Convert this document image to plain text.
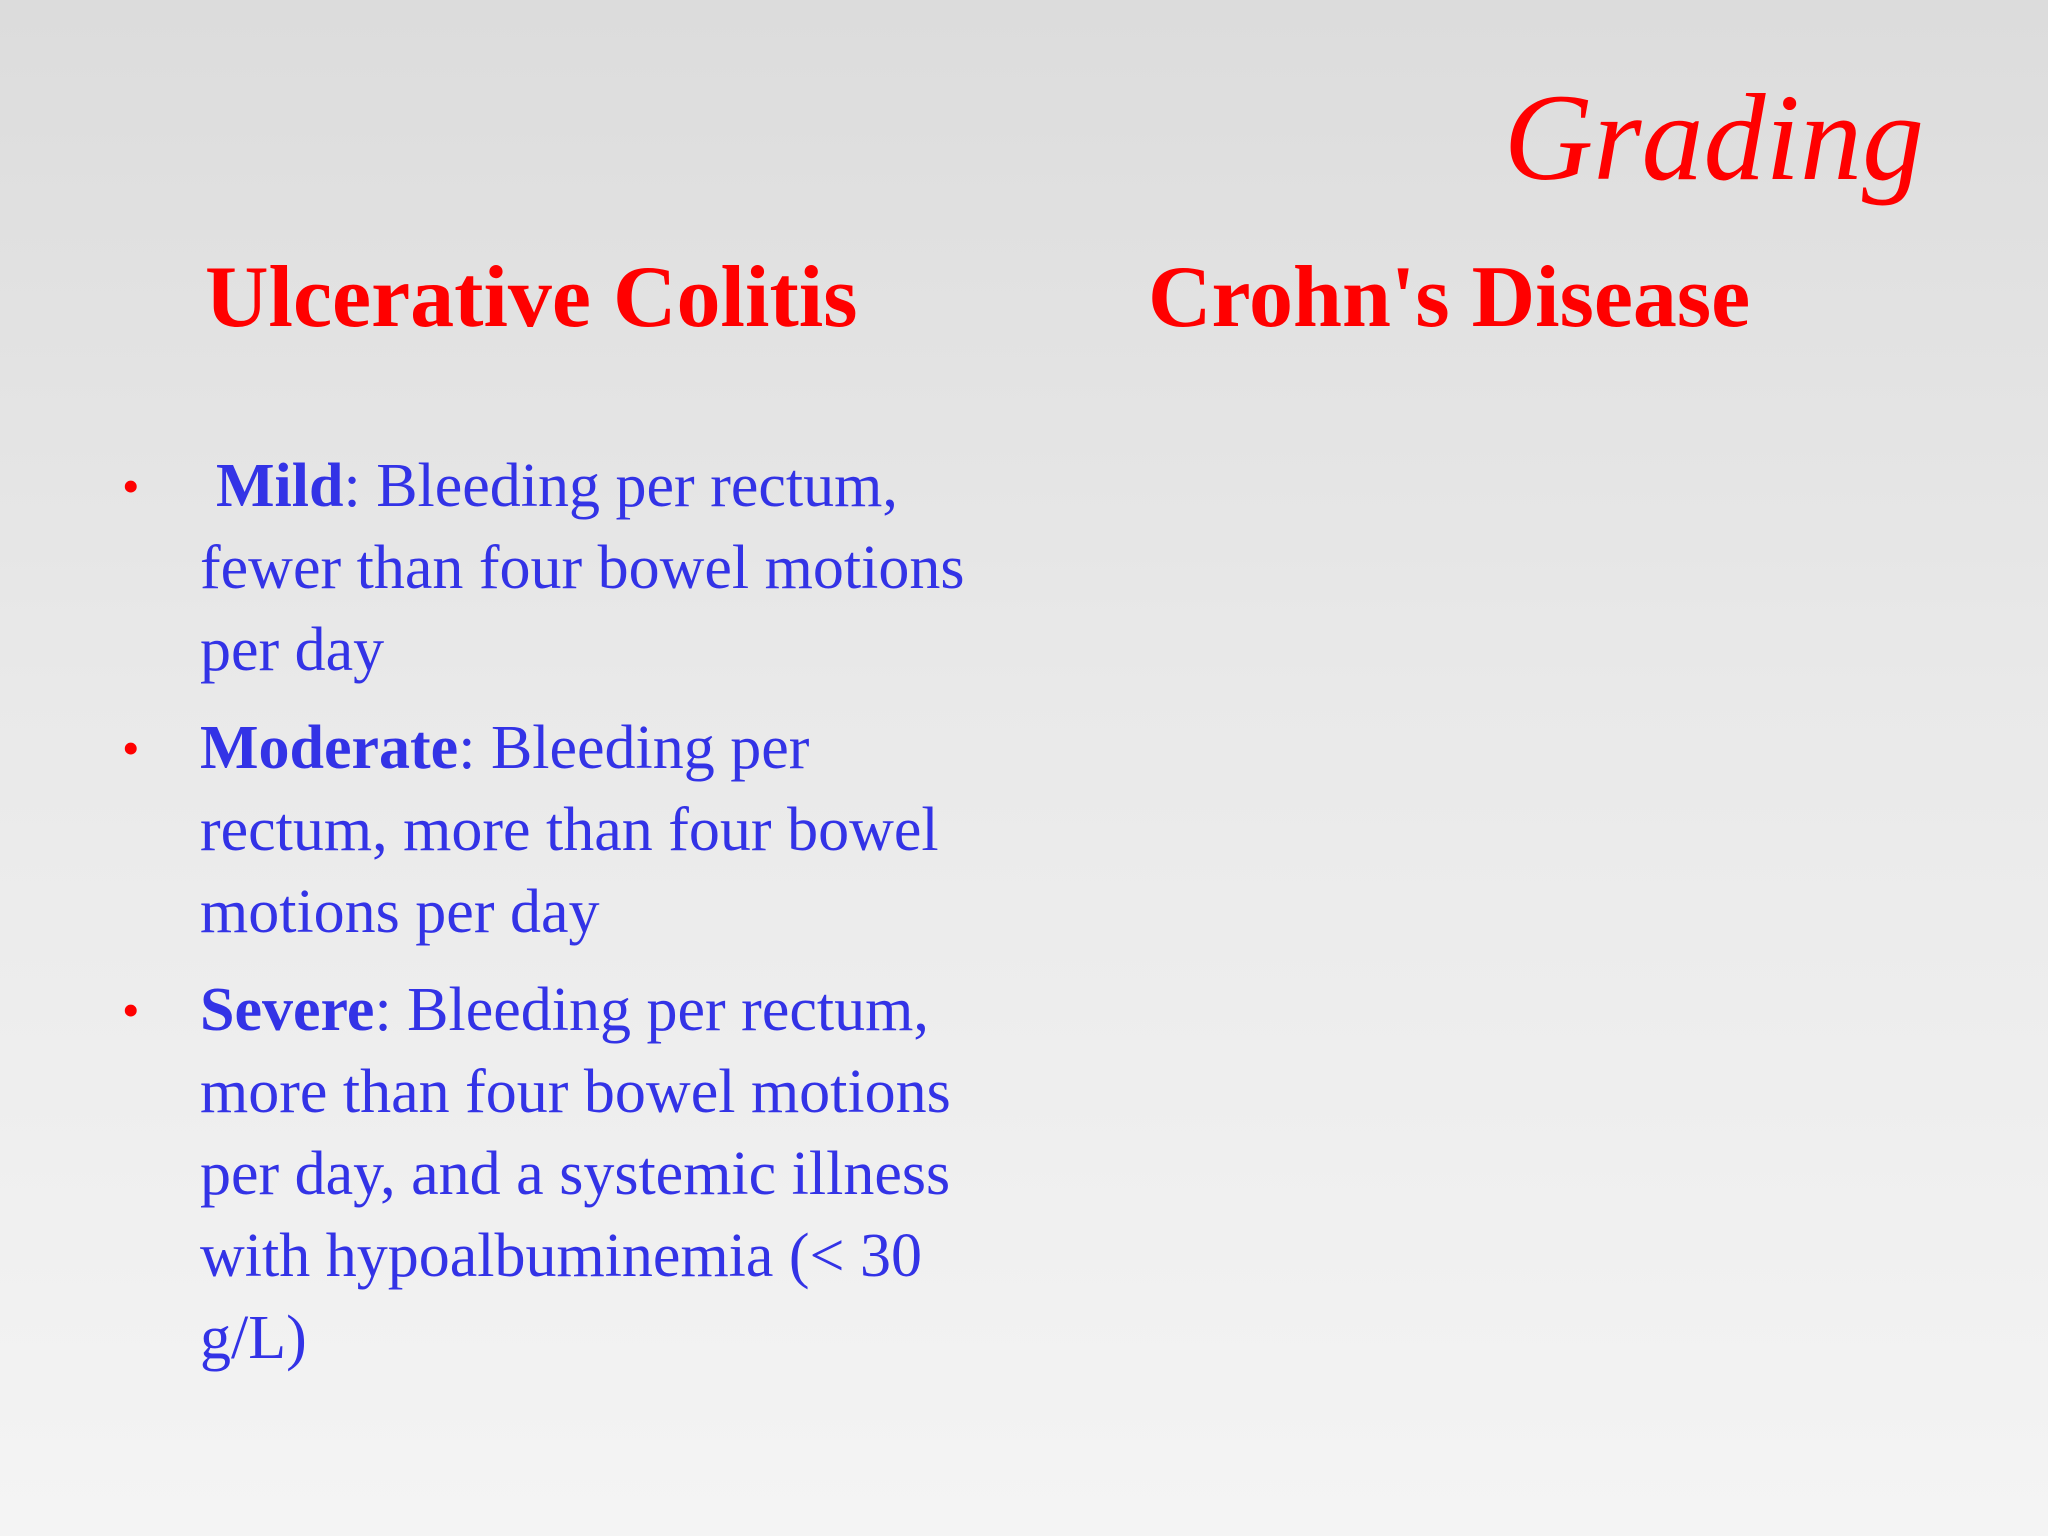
Grading
Ulcerative Colitis	Crohn's Disease
• Mild: Bleeding per rectum, fewer than four bowel motions per day
• Moderate: Bleeding per rectum, more than four bowel motions per day
• Severe: Bleeding per rectum, more than four bowel motions per day, and a systemic illness with hypoalbuminemia (< 30 g/L)
